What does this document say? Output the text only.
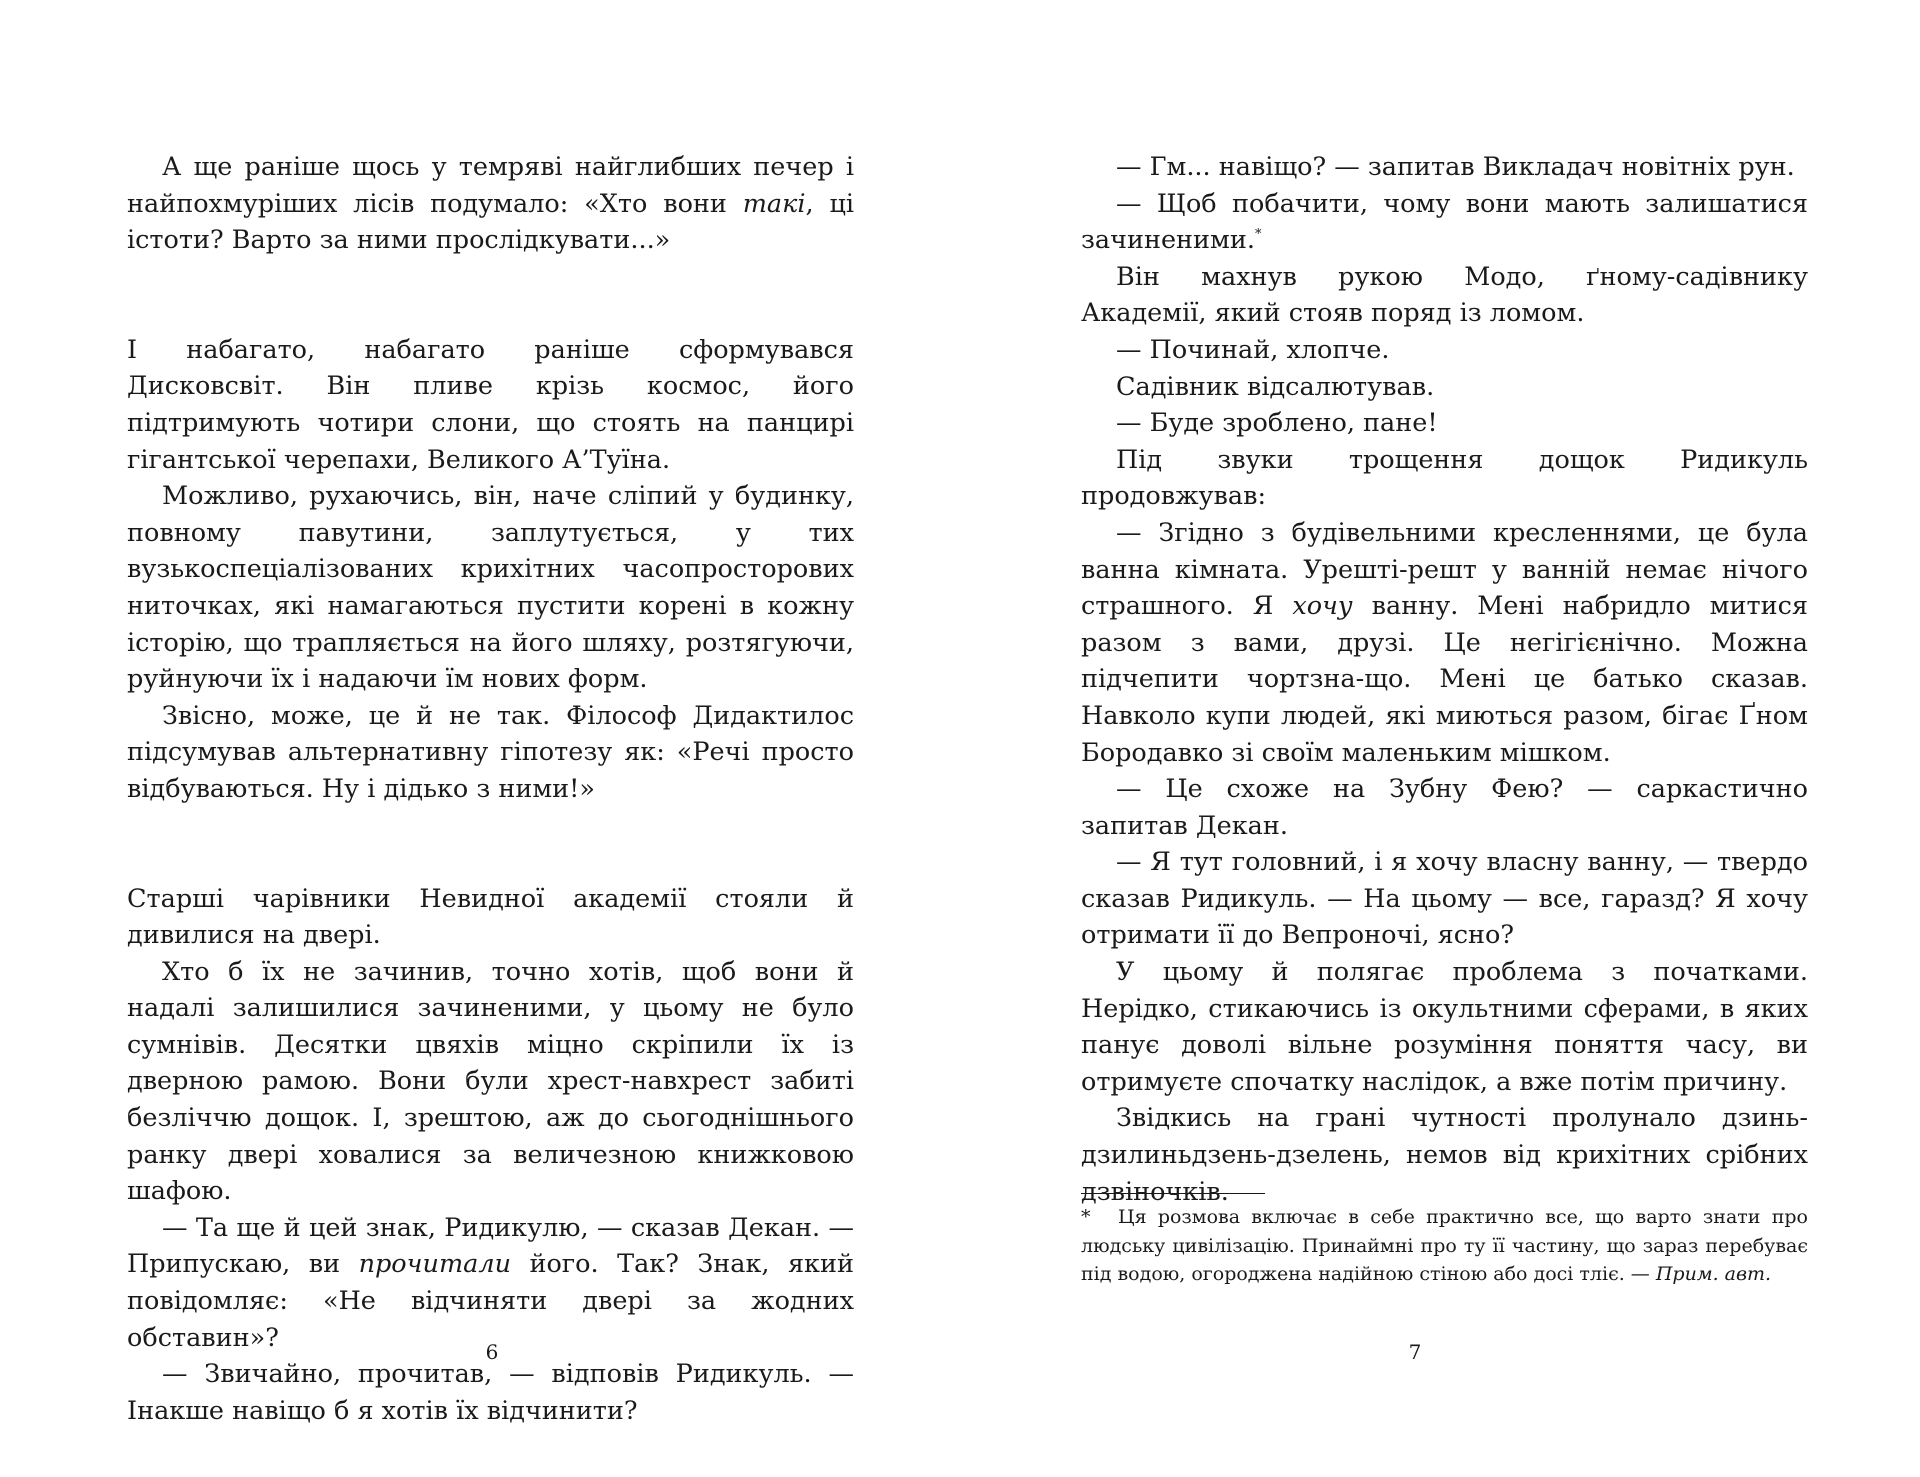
А ще раніше щось у темряві найглибших печер і найпохмуріших лісів подумало: «Хто вони такі, ці істоти? Варто за ними прослідкувати...»

І набагато, набагато раніше сформувався Дисковсвіт. Він пливе крізь космос, його підтримують чотири слони, що стоять на панцирі гігантської черепахи, Великого А’Туїна.

Можливо, рухаючись, він, наче сліпий у будинку, повному павутини, заплутується, у тих вузькоспеціалізованих крихітних часопросторових ниточках, які намагаються пустити корені в кожну історію, що трапляється на його шляху, розтягуючи, руйнуючи їх і надаючи їм нових форм.

Звісно, може, це й не так. Філософ Дидактилос підсумував альтернативну гіпотезу як: «Речі просто відбуваються. Ну і дідько з ними!»

Старші чарівники Невидної академії стояли й дивилися на двері.

Хто б їх не зачинив, точно хотів, щоб вони й надалі залишилися зачиненими, у цьому не було сумнівів. Десятки цвяхів міцно скріпили їх із дверною рамою. Вони були хрест-навхрест забиті безліччю дощок. І, зрештою, аж до сьогоднішнього ранку двері ховалися за величезною книжковою шафою.

— Та ще й цей знак, Ридикулю, — сказав Декан. — Припускаю, ви прочитали його. Так? Знак, який повідомляє: «Не відчиняти двері за жодних обставин»?

— Звичайно, прочитав, — відповів Ридикуль. — Інакше навіщо б я хотів їх відчинити?

6

— Гм... навіщо? — запитав Викладач новітніх рун.

— Щоб побачити, чому вони мають залишатися зачиненими.*

Він махнув рукою Модо, ґному-садівнику Академії, який стояв поряд із ломом.

— Починай, хлопче.

Садівник відсалютував.

— Буде зроблено, пане!

Під звуки трощення дощок Ридикуль продовжував:

— Згідно з будівельними кресленнями, це була ванна кімната. Урешті-решт у ванній немає нічого страшного. Я хочу ванну. Мені набридло митися разом з вами, друзі. Це негігієнічно. Можна підчепити чортзна-що. Мені це батько сказав. Навколо купи людей, які миються разом, бігає Ґном Бородавко зі своїм маленьким мішком.

— Це схоже на Зубну Фею? — саркастично запитав Декан.

— Я тут головний, і я хочу власну ванну, — твердо сказав Ридикуль. — На цьому — все, гаразд? Я хочу отримати її до Вепроночі, ясно?

У цьому й полягає проблема з початками. Нерідко, стикаючись із окультними сферами, в яких панує доволі вільне розуміння поняття часу, ви отримуєте спочатку наслідок, а вже потім причину.

Звідкись на грані чутності пролунало дзинь-дзилиньдзень-дзелень, немов від крихітних срібних дзвіночків.

* Ця розмова включає в себе практично все, що варто знати про людську цивілізацію. Принаймні про ту її частину, що зараз перебуває під водою, огороджена надійною стіною або досі тліє. — Прим. авт.
7
